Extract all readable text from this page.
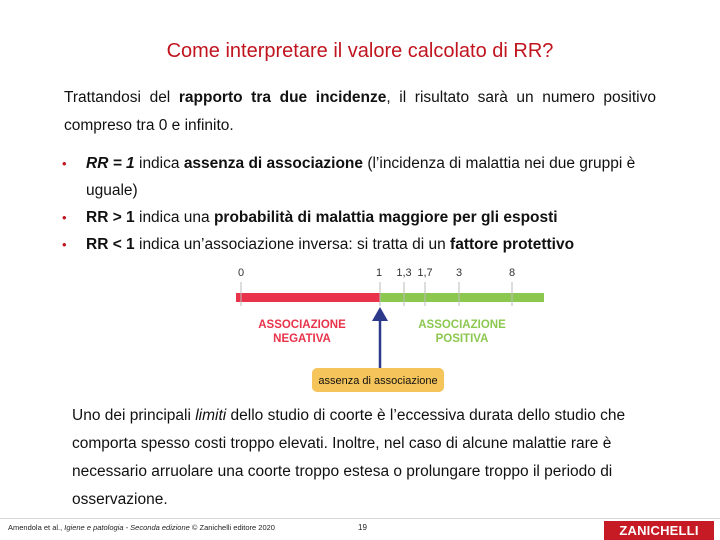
Come interpretare il valore calcolato di RR?
Trattandosi del rapporto tra due incidenze, il risultato sarà un numero positivo compreso tra 0 e infinito.
• RR = 1 indica assenza di associazione (l’incidenza di malattia nei due gruppi è uguale)
• RR > 1 indica una probabilità di malattia maggiore per gli esposti
• RR < 1 indica un’associazione inversa: si tratta di un fattore protettivo
0	1 1,3 1,7 3	8
ASSOCIAZIONE
NEGATIVA
ASSOCIAZIONE
POSITIVA
assenza di associazione
Uno dei principali limiti dello studio di coorte è l’eccessiva durata dello studio che comporta spesso costi troppo elevati. Inoltre, nel caso di alcune malattie rare è necessario arruolare una coorte troppo estesa o prolungare troppo il periodo di osservazione.
Amendola et al., Igiene e patologia - Seconda edizione © Zanichelli editore 2020	19	ZANICHELLI
